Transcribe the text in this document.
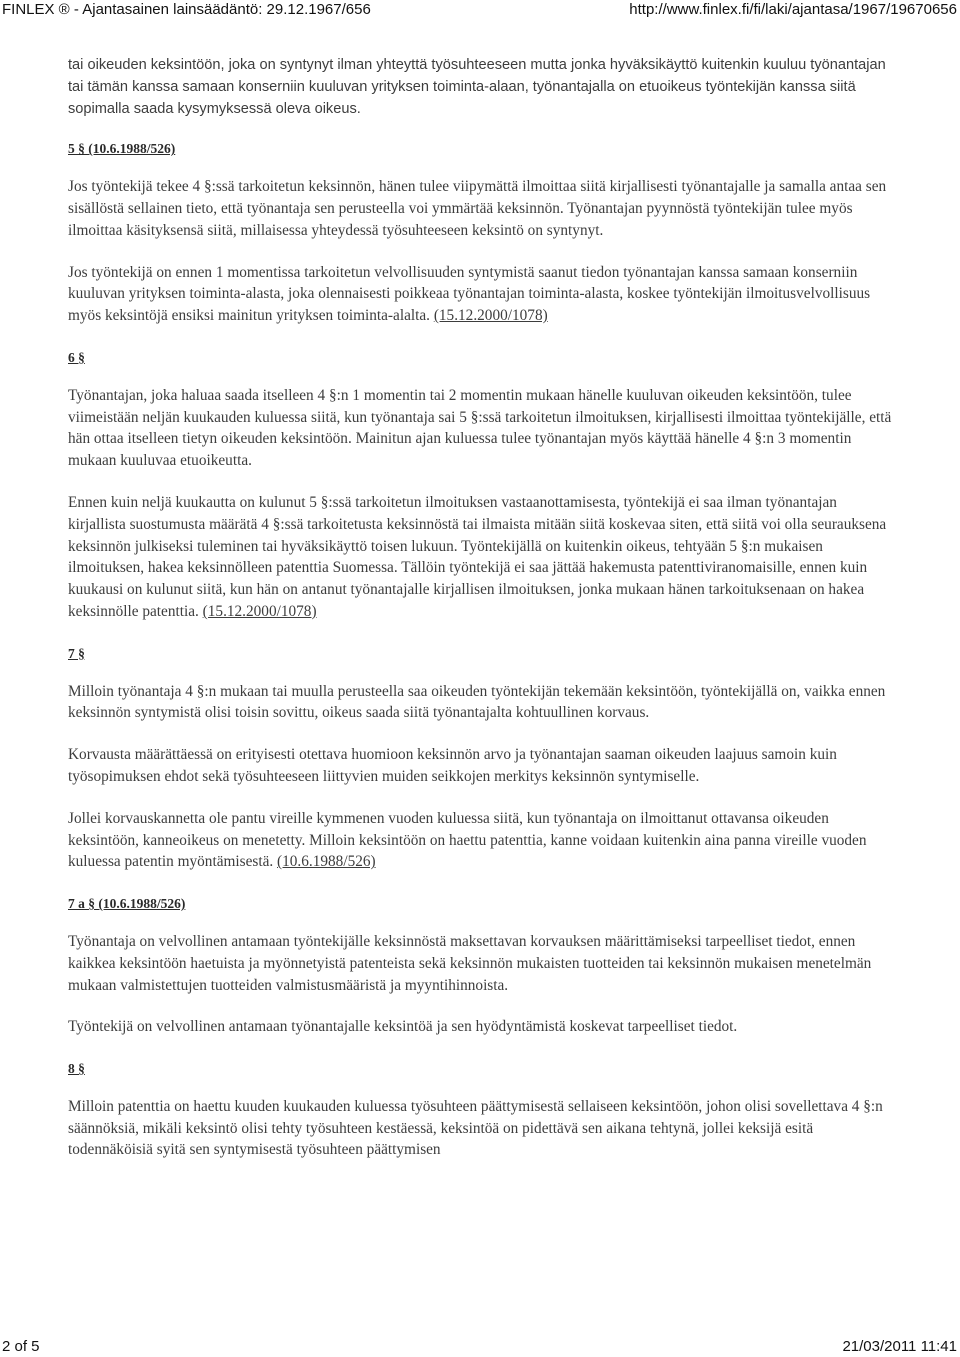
FINLEX ® - Ajantasainen lainsäädäntö: 29.12.1967/656	http://www.finlex.fi/fi/laki/ajantasa/1967/19670656

tai oikeuden keksintöön, joka on syntynyt ilman yhteyttä työsuhteeseen mutta jonka hyväksikäyttö kuitenkin kuuluu työnantajan tai tämän kanssa samaan konserniin kuuluvan yrityksen toiminta-alaan, työnantajalla on etuoikeus työntekijän kanssa siitä sopimalla saada kysymyksessä oleva oikeus.

5 § (10.6.1988/526)

Jos työntekijä tekee 4 §:ssä tarkoitetun keksinnön, hänen tulee viipymättä ilmoittaa siitä kirjallisesti työnantajalle ja samalla antaa sen sisällöstä sellainen tieto, että työnantaja sen perusteella voi ymmärtää keksinnön. Työnantajan pyynnöstä työntekijän tulee myös ilmoittaa käsityksensä siitä, millaisessa yhteydessä työsuhteeseen keksintö on syntynyt.

Jos työntekijä on ennen 1 momentissa tarkoitetun velvollisuuden syntymistä saanut tiedon työnantajan kanssa samaan konserniin kuuluvan yrityksen toiminta-alasta, joka olennaisesti poikkeaa työnantajan toiminta-alasta, koskee työntekijän ilmoitusvelvollisuus myös keksintöjä ensiksi mainitun yrityksen toiminta-alalta. (15.12.2000/1078)

6 §

Työnantajan, joka haluaa saada itselleen 4 §:n 1 momentin tai 2 momentin mukaan hänelle kuuluvan oikeuden keksintöön, tulee viimeistään neljän kuukauden kuluessa siitä, kun työnantaja sai 5 §:ssä tarkoitetun ilmoituksen, kirjallisesti ilmoittaa työntekijälle, että hän ottaa itselleen tietyn oikeuden keksintöön. Mainitun ajan kuluessa tulee työnantajan myös käyttää hänelle 4 §:n 3 momentin mukaan kuuluvaa etuoikeutta.

Ennen kuin neljä kuukautta on kulunut 5 §:ssä tarkoitetun ilmoituksen vastaanottamisesta, työntekijä ei saa ilman työnantajan kirjallista suostumusta määrätä 4 §:ssä tarkoitetusta keksinnöstä tai ilmaista mitään siitä koskevaa siten, että siitä voi olla seurauksena keksinnön julkiseksi tuleminen tai hyväksikäyttö toisen lukuun. Työntekijällä on kuitenkin oikeus, tehtyään 5 §:n mukaisen ilmoituksen, hakea keksinnölleen patenttia Suomessa. Tällöin työntekijä ei saa jättää hakemusta patenttiviranomaisille, ennen kuin kuukausi on kulunut siitä, kun hän on antanut työnantajalle kirjallisen ilmoituksen, jonka mukaan hänen tarkoituksenaan on hakea keksinnölle patenttia. (15.12.2000/1078)

7 §

Milloin työnantaja 4 §:n mukaan tai muulla perusteella saa oikeuden työntekijän tekemään keksintöön, työntekijällä on, vaikka ennen keksinnön syntymistä olisi toisin sovittu, oikeus saada siitä työnantajalta kohtuullinen korvaus.

Korvausta määrättäessä on erityisesti otettava huomioon keksinnön arvo ja työnantajan saaman oikeuden laajuus samoin kuin työsopimuksen ehdot sekä työsuhteeseen liittyvien muiden seikkojen merkitys keksinnön syntymiselle.

Jollei korvauskannetta ole pantu vireille kymmenen vuoden kuluessa siitä, kun työnantaja on ilmoittanut ottavansa oikeuden keksintöön, kanneoikeus on menetetty. Milloin keksintöön on haettu patenttia, kanne voidaan kuitenkin aina panna vireille vuoden kuluessa patentin myöntämisestä. (10.6.1988/526)

7 a § (10.6.1988/526)

Työnantaja on velvollinen antamaan työntekijälle keksinnöstä maksettavan korvauksen määrittämiseksi tarpeelliset tiedot, ennen kaikkea keksintöön haetuista ja myönnetyistä patenteista sekä keksinnön mukaisten tuotteiden tai keksinnön mukaisen menetelmän mukaan valmistettujen tuotteiden valmistusmääristä ja myyntihinnoista.

Työntekijä on velvollinen antamaan työnantajalle keksintöä ja sen hyödyntämistä koskevat tarpeelliset tiedot.

8 §

Milloin patenttia on haettu kuuden kuukauden kuluessa työsuhteen päättymisestä sellaiseen keksintöön, johon olisi sovellettava 4 §:n säännöksiä, mikäli keksintö olisi tehty työsuhteen kestäessä, keksintöä on pidettävä sen aikana tehtynä, jollei keksijä esitä todennäköisiä syitä sen syntymisestä työsuhteen päättymisen

2 of 5	21/03/2011 11:41
